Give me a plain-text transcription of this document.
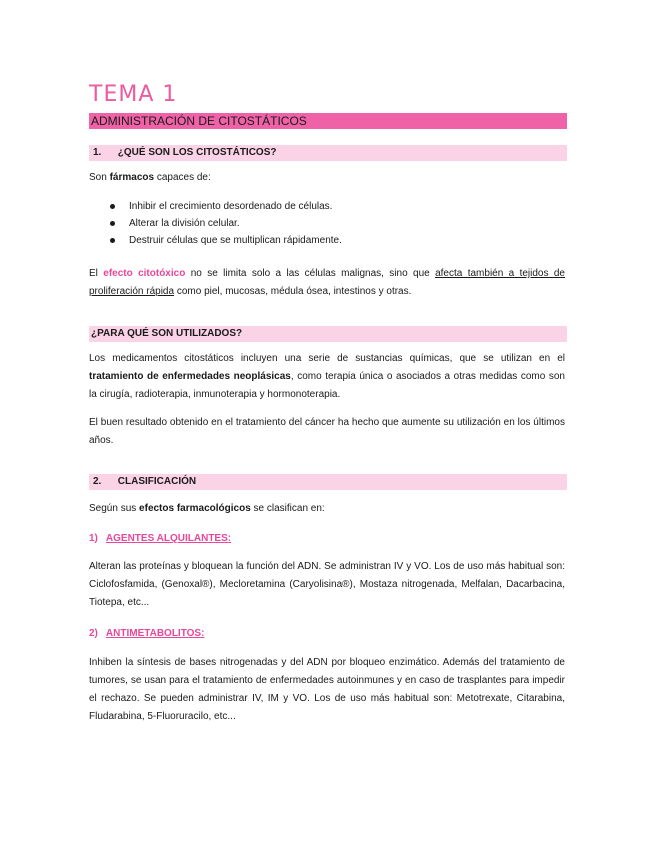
TEMA 1
ADMINISTRACIÓN DE CITOSTÁTICOS
1. ¿QUÉ SON LOS CITOSTÁTICOS?

Son fármacos capaces de:

Inhibir el crecimiento desordenado de células.
Alterar la división celular.
Destruir células que se multiplican rápidamente.

El efecto citotóxico no se limita solo a las células malignas, sino que afecta también a tejidos de proliferación rápida como piel, mucosas, médula ósea, intestinos y otras.

¿PARA QUÉ SON UTILIZADOS?

Los medicamentos citostáticos incluyen una serie de sustancias químicas, que se utilizan en el tratamiento de enfermedades neoplásicas, como terapia única o asociados a otras medidas como son la cirugía, radioterapia, inmunoterapia y hormonoterapia.

El buen resultado obtenido en el tratamiento del cáncer ha hecho que aumente su utilización en los últimos años.

2. CLASIFICACIÓN

Según sus efectos farmacológicos se clasifican en:

1) AGENTES ALQUILANTES:

Alteran las proteínas y bloquean la función del ADN. Se administran IV y VO. Los de uso más habitual son: Ciclofosfamida, (Genoxal®), Mecloretamina (Caryolisina®), Mostaza nitrogenada, Melfalan, Dacarbacina, Tiotepa, etc...

2) ANTIMETABOLITOS:

Inhiben la síntesis de bases nitrogenadas y del ADN por bloqueo enzimático. Además del tratamiento de tumores, se usan para el tratamiento de enfermedades autoinmunes y en caso de trasplantes para impedir el rechazo. Se pueden administrar IV, IM y VO. Los de uso más habitual son: Metotrexate, Citarabina, Fludarabina, 5-Fluoruracilo, etc...
